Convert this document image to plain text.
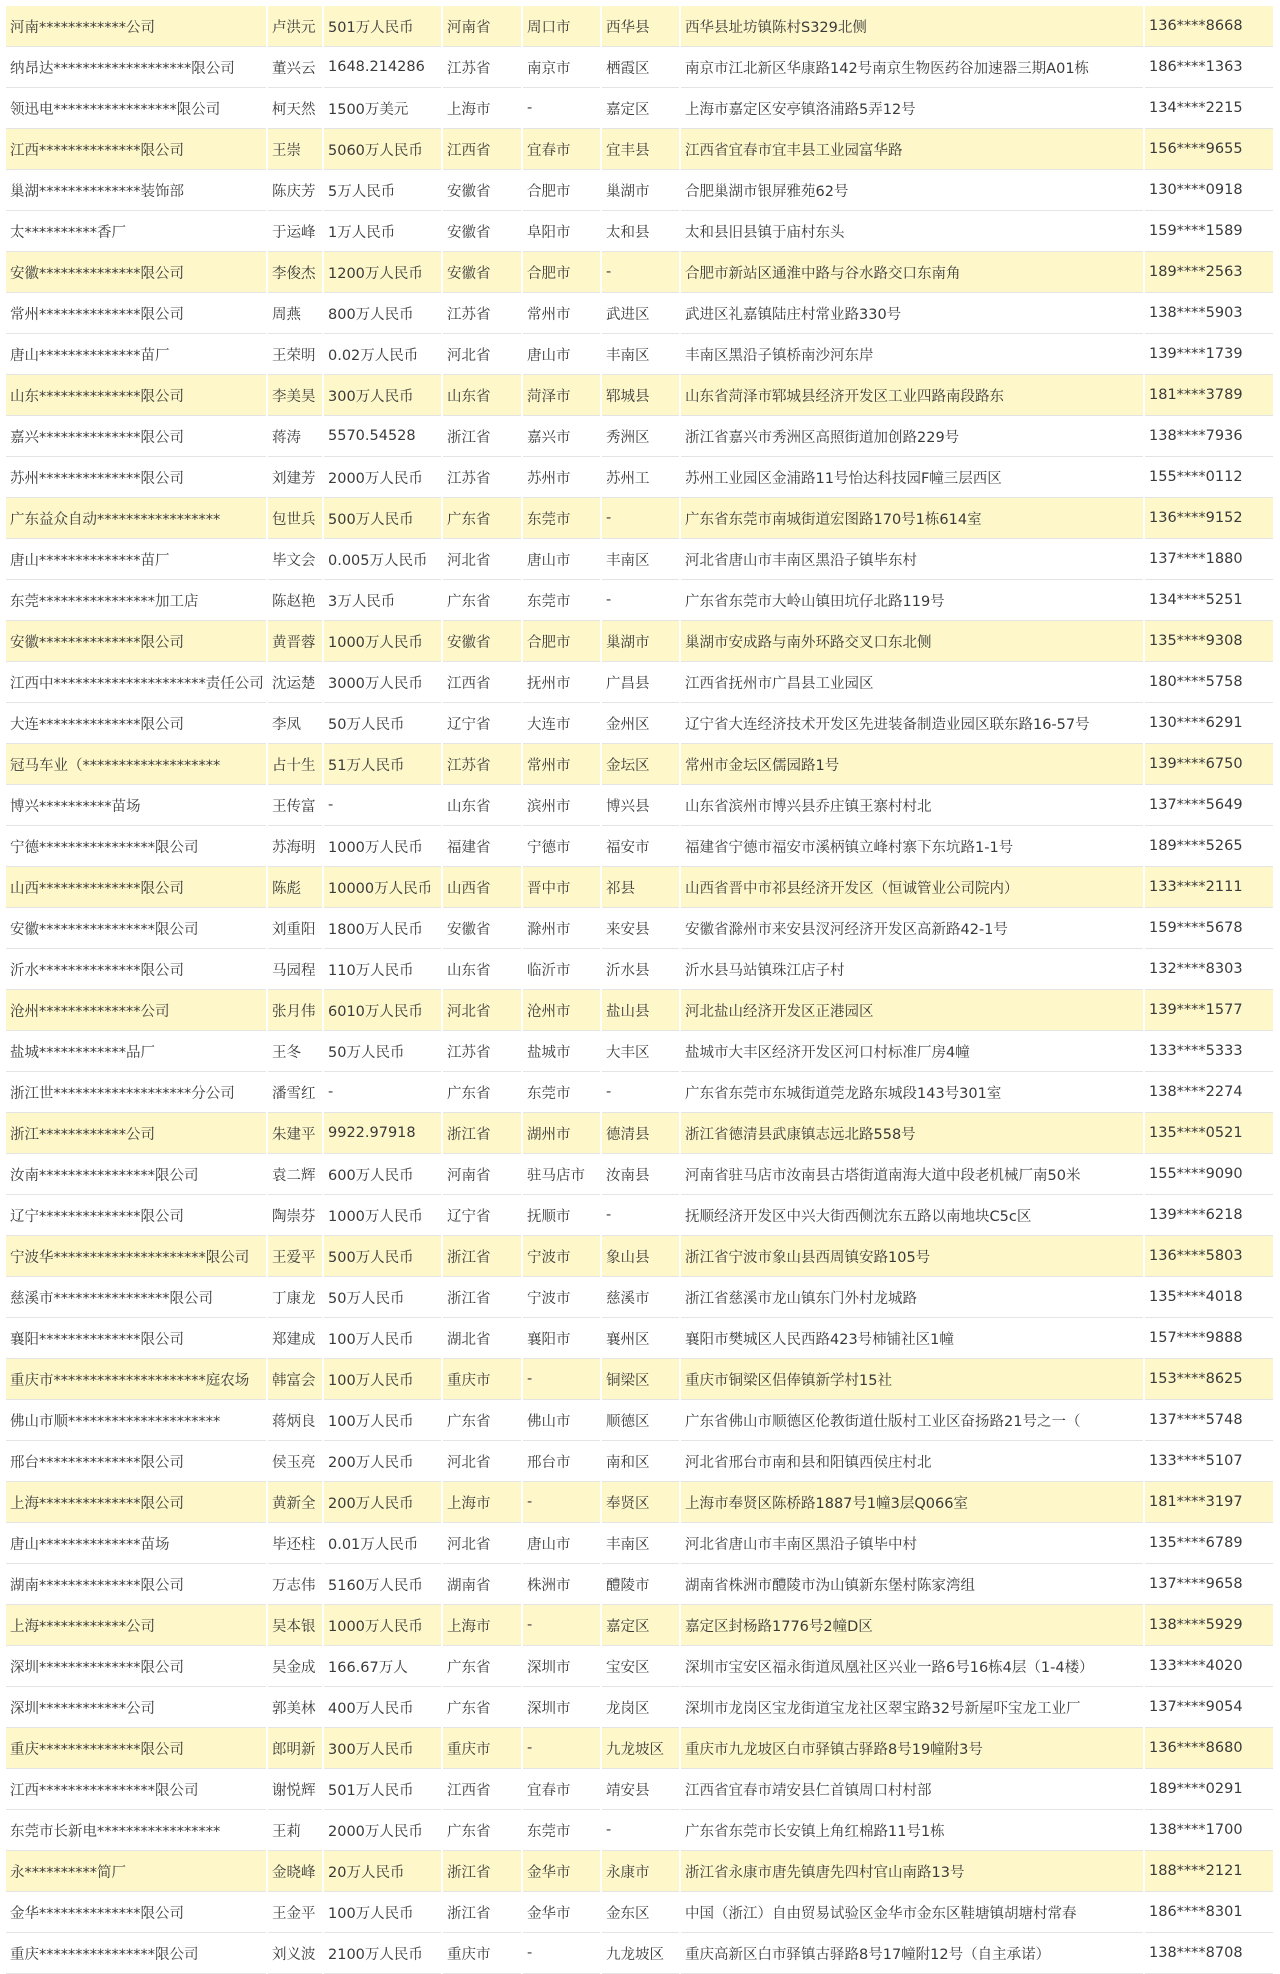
河南************公司	卢洪元	501万人民币	河南省	周口市	西华县	西华县址坊镇陈村S329北侧	136****8668
纳昂达*******************限公司	董兴云	1648.214286	江苏省	南京市	栖霞区	南京市江北新区华康路142号南京生物医药谷加速器三期A01栋	186****1363
领迅电*****************限公司	柯天然	1500万美元	上海市	-	嘉定区	上海市嘉定区安亭镇洛浦路5弄12号	134****2215
江西**************限公司	王崇	5060万人民币	江西省	宜春市	宜丰县	江西省宜春市宜丰县工业园富华路	156****9655
巢湖**************装饰部	陈庆芳	5万人民币	安徽省	合肥市	巢湖市	合肥巢湖市银屏雅苑62号	130****0918
太**********香厂	于运峰	1万人民币	安徽省	阜阳市	太和县	太和县旧县镇于庙村东头	159****1589
安徽**************限公司	李俊杰	1200万人民币	安徽省	合肥市	-	合肥市新站区通淮中路与谷水路交口东南角	189****2563
常州**************限公司	周燕	800万人民币	江苏省	常州市	武进区	武进区礼嘉镇陆庄村常业路330号	138****5903
唐山**************苗厂	王荣明	0.02万人民币	河北省	唐山市	丰南区	丰南区黑沿子镇桥南沙河东岸	139****1739
山东**************限公司	李美昊	300万人民币	山东省	菏泽市	郓城县	山东省菏泽市郓城县经济开发区工业四路南段路东	181****3789
嘉兴**************限公司	蒋涛	5570.54528	浙江省	嘉兴市	秀洲区	浙江省嘉兴市秀洲区高照街道加创路229号	138****7936
苏州**************限公司	刘建芳	2000万人民币	江苏省	苏州市	苏州工	苏州工业园区金浦路11号怡达科技园F幢三层西区	155****0112
广东益众自动*****************	包世兵	500万人民币	广东省	东莞市	-	广东省东莞市南城街道宏图路170号1栋614室	136****9152
唐山**************苗厂	毕文会	0.005万人民币	河北省	唐山市	丰南区	河北省唐山市丰南区黑沿子镇毕东村	137****1880
东莞****************加工店	陈赵艳	3万人民币	广东省	东莞市	-	广东省东莞市大岭山镇田坑仔北路119号	134****5251
安徽**************限公司	黄晋蓉	1000万人民币	安徽省	合肥市	巢湖市	巢湖市安成路与南外环路交叉口东北侧	135****9308
江西中*********************责任公司	沈运楚	3000万人民币	江西省	抚州市	广昌县	江西省抚州市广昌县工业园区	180****5758
大连**************限公司	李凤	50万人民币	辽宁省	大连市	金州区	辽宁省大连经济技术开发区先进装备制造业园区联东路16-57号	130****6291
冠马车业（*******************	占十生	51万人民币	江苏省	常州市	金坛区	常州市金坛区儒园路1号	139****6750
博兴**********苗场	王传富	-	山东省	滨州市	博兴县	山东省滨州市博兴县乔庄镇王寨村村北	137****5649
宁德****************限公司	苏海明	1000万人民币	福建省	宁德市	福安市	福建省宁德市福安市溪柄镇立峰村寨下东坑路1-1号	189****5265
山西**************限公司	陈彪	10000万人民币	山西省	晋中市	祁县	山西省晋中市祁县经济开发区（恒诚管业公司院内）	133****2111
安徽****************限公司	刘重阳	1800万人民币	安徽省	滁州市	来安县	安徽省滁州市来安县汊河经济开发区高新路42-1号	159****5678
沂水**************限公司	马园程	110万人民币	山东省	临沂市	沂水县	沂水县马站镇珠江店子村	132****8303
沧州**************公司	张月伟	6010万人民币	河北省	沧州市	盐山县	河北盐山经济开发区正港园区	139****1577
盐城************品厂	王冬	50万人民币	江苏省	盐城市	大丰区	盐城市大丰区经济开发区河口村标准厂房4幢	133****5333
浙江世*******************分公司	潘雪红	-	广东省	东莞市	-	广东省东莞市东城街道莞龙路东城段143号301室	138****2274
浙江************公司	朱建平	9922.97918	浙江省	湖州市	德清县	浙江省德清县武康镇志远北路558号	135****0521
汝南****************限公司	袁二辉	600万人民币	河南省	驻马店市	汝南县	河南省驻马店市汝南县古塔街道南海大道中段老机械厂南50米	155****9090
辽宁**************限公司	陶崇芬	1000万人民币	辽宁省	抚顺市	-	抚顺经济开发区中兴大街西侧沈东五路以南地块C5c区	139****6218
宁波华*********************限公司	王爱平	500万人民币	浙江省	宁波市	象山县	浙江省宁波市象山县西周镇安路105号	136****5803
慈溪市****************限公司	丁康龙	50万人民币	浙江省	宁波市	慈溪市	浙江省慈溪市龙山镇东门外村龙城路	135****4018
襄阳**************限公司	郑建成	100万人民币	湖北省	襄阳市	襄州区	襄阳市樊城区人民西路423号柿铺社区1幢	157****9888
重庆市*********************庭农场	韩富会	100万人民币	重庆市	-	铜梁区	重庆市铜梁区侣俸镇新学村15社	153****8625
佛山市顺*********************	蒋炳良	100万人民币	广东省	佛山市	顺德区	广东省佛山市顺德区伦教街道仕版村工业区奋扬路21号之一（	137****5748
邢台**************限公司	侯玉亮	200万人民币	河北省	邢台市	南和区	河北省邢台市南和县和阳镇西侯庄村北	133****5107
上海**************限公司	黄新全	200万人民币	上海市	-	奉贤区	上海市奉贤区陈桥路1887号1幢3层Q066室	181****3197
唐山**************苗场	毕还柱	0.01万人民币	河北省	唐山市	丰南区	河北省唐山市丰南区黑沿子镇毕中村	135****6789
湖南**************限公司	万志伟	5160万人民币	湖南省	株洲市	醴陵市	湖南省株洲市醴陵市沩山镇新东堡村陈家湾组	137****9658
上海************公司	吴本银	1000万人民币	上海市	-	嘉定区	嘉定区封杨路1776号2幢D区	138****5929
深圳**************限公司	吴金成	166.67万人	广东省	深圳市	宝安区	深圳市宝安区福永街道凤凰社区兴业一路6号16栋4层（1-4楼）	133****4020
深圳************公司	郭美林	400万人民币	广东省	深圳市	龙岗区	深圳市龙岗区宝龙街道宝龙社区翠宝路32号新屋吓宝龙工业厂	137****9054
重庆**************限公司	郎明新	300万人民币	重庆市	-	九龙坡区	重庆市九龙坡区白市驿镇古驿路8号19幢附3号	136****8680
江西****************限公司	谢悦辉	501万人民币	江西省	宜春市	靖安县	江西省宜春市靖安县仁首镇周口村村部	189****0291
东莞市长新电*****************	王莉	2000万人民币	广东省	东莞市	-	广东省东莞市长安镇上角红棉路11号1栋	138****1700
永**********简厂	金晓峰	20万人民币	浙江省	金华市	永康市	浙江省永康市唐先镇唐先四村官山南路13号	188****2121
金华**************限公司	王金平	100万人民币	浙江省	金华市	金东区	中国（浙江）自由贸易试验区金华市金东区鞋塘镇胡塘村常春	186****8301
重庆****************限公司	刘义波	2100万人民币	重庆市	-	九龙坡区	重庆高新区白市驿镇古驿路8号17幢附12号（自主承诺）	138****8708
